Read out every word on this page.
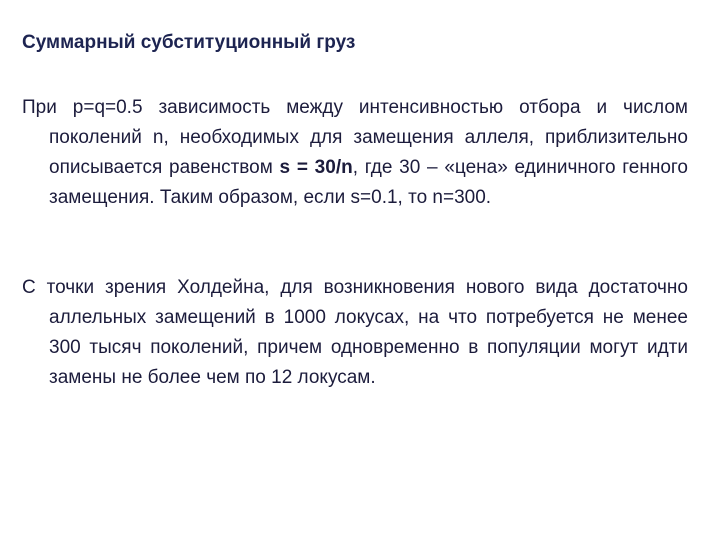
Суммарный субституционный груз

При p=q=0.5 зависимость между интенсивностью отбора и числом поколений n, необходимых для замещения аллеля, приблизительно описывается равенством s = 30/n, где 30 – «цена» единичного генного замещения. Таким образом, если s=0.1, то n=300.

С точки зрения Холдейна, для возникновения нового вида достаточно аллельных замещений в 1000 локусах, на что потребуется не менее 300 тысяч поколений, причем одновременно в популяции могут идти замены не более чем по 12 локусам.
